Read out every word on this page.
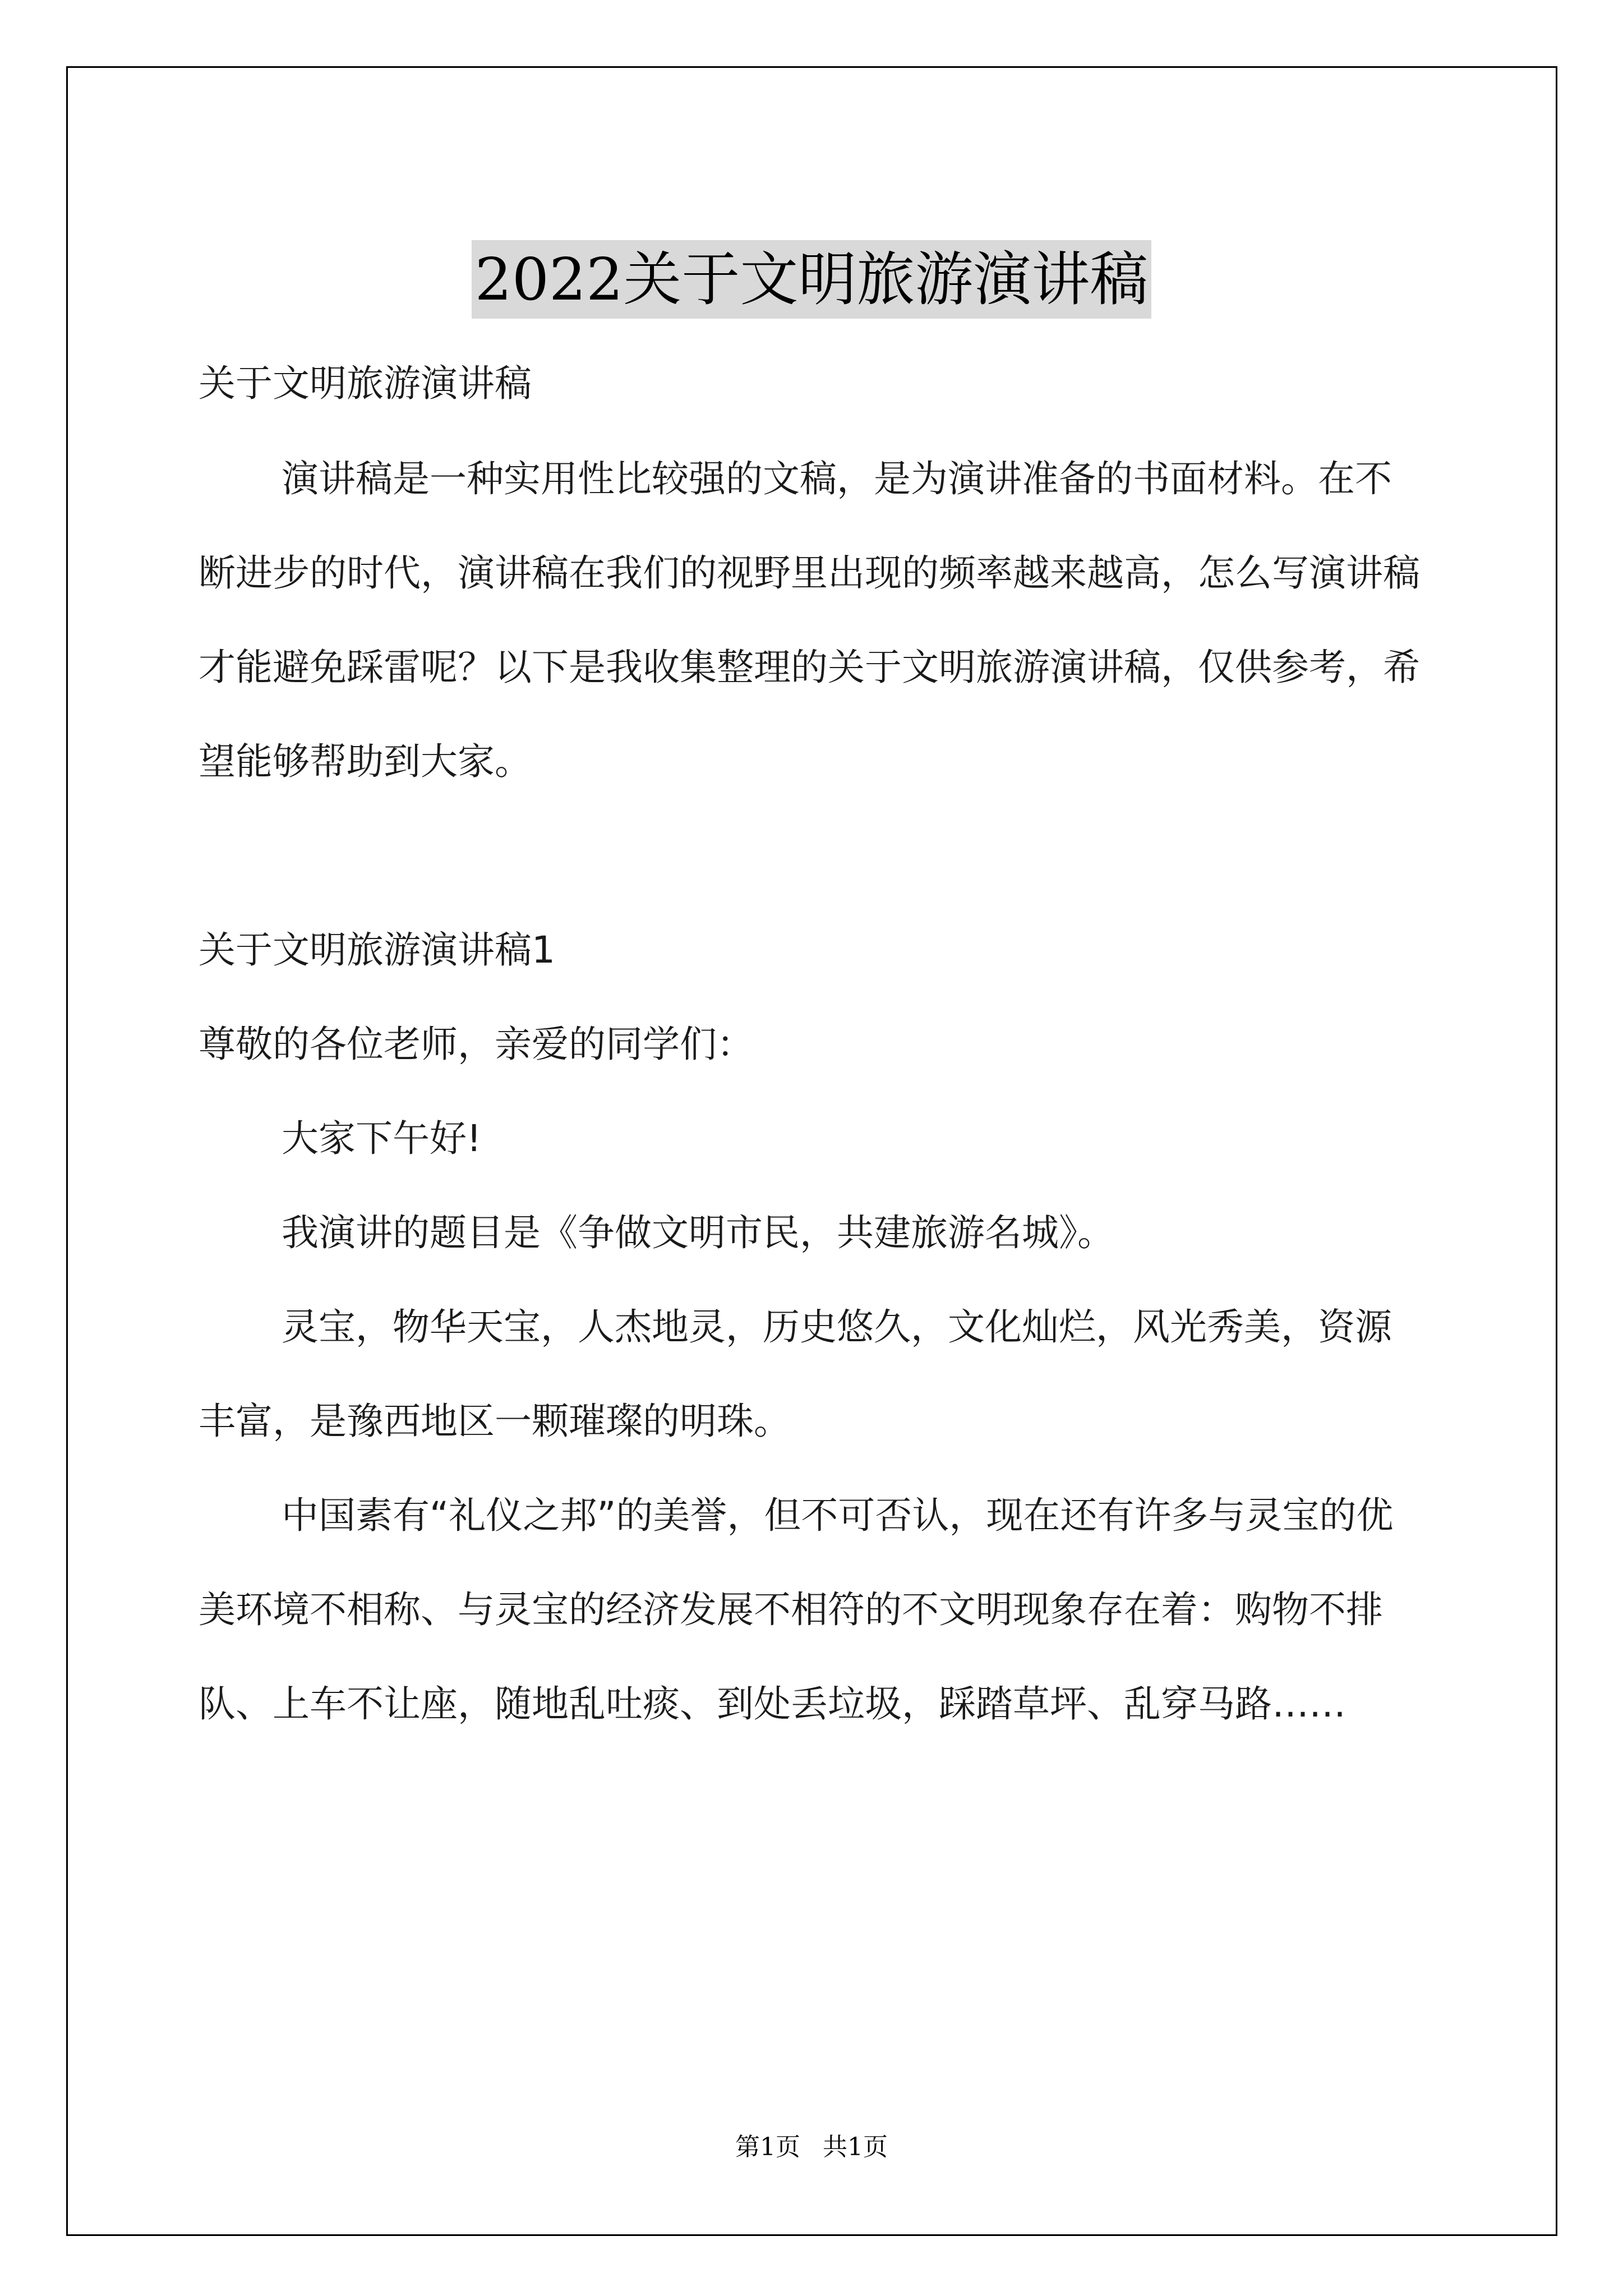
2022关于文明旅游演讲稿

关于文明旅游演讲稿

演讲稿是一种实用性比较强的文稿，是为演讲准备的书面材料。在不断进步的时代，演讲稿在我们的视野里出现的频率越来越高，怎么写演讲稿才能避免踩雷呢？以下是我收集整理的关于文明旅游演讲稿，仅供参考，希望能够帮助到大家。

关于文明旅游演讲稿1

尊敬的各位老师，亲爱的同学们：

大家下午好!

我演讲的题目是《争做文明市民，共建旅游名城》。

灵宝，物华天宝，人杰地灵，历史悠久，文化灿烂，风光秀美，资源丰富，是豫西地区一颗璀璨的明珠。

中国素有“礼仪之邦”的美誉，但不可否认，现在还有许多与灵宝的优美环境不相称、与灵宝的经济发展不相符的不文明现象存在着：购物不排队、上车不让座，随地乱吐痰、到处丢垃圾，踩踏草坪、乱穿马路……

第1页 共1页
